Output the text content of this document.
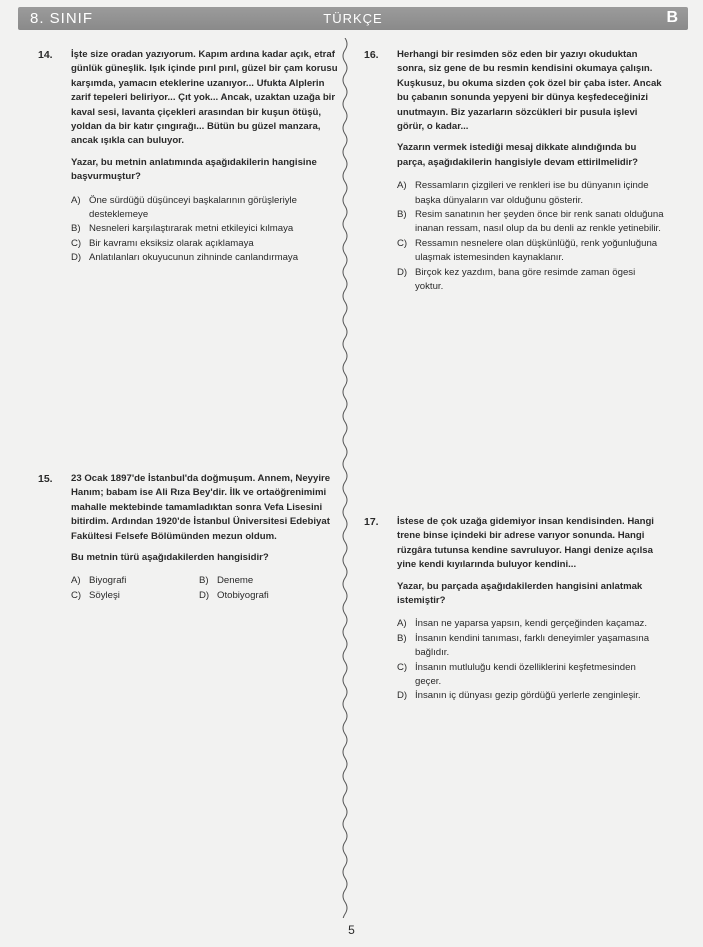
8. SINIF	TÜRKÇE	B
14. İşte size oradan yazıyorum. Kapım ardına kadar açık, etraf günlük güneşlik. Işık içinde pırıl pırıl, güzel bir çam korusu karşımda, yamacın eteklerine uzanıyor... Ufukta Alplerin zarif tepeleri beliriyor... Çıt yok... Ancak, uzaktan uzağa bir kaval sesi, lavanta çiçekleri arasından bir kuşun ötüşü, yoldan da bir katır çıngırağı... Bütün bu güzel manzara, ancak ışıkla can buluyor.
Yazar, bu metnin anlatımında aşağıdakilerin hangisine başvurmuştur?
A) Öne sürdüğü düşünceyi başkalarının görüşleriyle desteklemeye
B) Nesneleri karşılaştırarak metni etkileyici kılmaya
C) Bir kavramı eksiksiz olarak açıklamaya
D) Anlatılanları okuyucunun zihninde canlandırmaya
15. 23 Ocak 1897'de İstanbul'da doğmuşum. Annem, Neyyire Hanım; babam ise Ali Rıza Bey'dir. İlk ve ortaöğrenimimi mahalle mektebinde tamamladıktan sonra Vefa Lisesini bitirdim. Ardından 1920'de İstanbul Üniversitesi Edebiyat Fakültesi Felsefe Bölümünden mezun oldum.
Bu metnin türü aşağıdakilerden hangisidir?
A) Biyografi	B) Deneme
C) Söyleşi	D) Otobiyografi
16. Herhangi bir resimden söz eden bir yazıyı okuduktan sonra, siz gene de bu resmin kendisini okumaya çalışın. Kuşkusuz, bu okuma sizden çok özel bir çaba ister. Ancak bu çabanın sonunda yepyeni bir dünya keşfedeceğinizi unutmayın. Biz yazarların sözcükleri bir pusula işlevi görür, o kadar...
Yazarın vermek istediği mesaj dikkate alındığında bu parça, aşağıdakilerin hangisiyle devam ettirilmelidir?
A) Ressamların çizgileri ve renkleri ise bu dünyanın içinde başka dünyaların var olduğunu gösterir.
B) Resim sanatının her şeyden önce bir renk sanatı olduğuna inanan ressam, nasıl olup da bu denli az renkle yetinebilir.
C) Ressamın nesnelere olan düşkünlüğü, renk yoğunluğuna ulaşmak istemesinden kaynaklanır.
D) Birçok kez yazdım, bana göre resimde zaman ögesi yoktur.
17. İstese de çok uzağa gidemiyor insan kendisinden. Hangi trene binse içindeki bir adrese varıyor sonunda. Hangi rüzgâra tutunsa kendine savruluyor. Hangi denize açılsa yine kendi kıyılarında buluyor kendini...
Yazar, bu parçada aşağıdakilerden hangisini anlatmak istemiştir?
A) İnsan ne yaparsa yapsın, kendi gerçeğinden kaçamaz.
B) İnsanın kendini tanıması, farklı deneyimler yaşamasına bağlıdır.
C) İnsanın mutluluğu kendi özelliklerini keşfetmesinden geçer.
D) İnsanın iç dünyası gezip gördüğü yerlerle zenginleşir.
5
